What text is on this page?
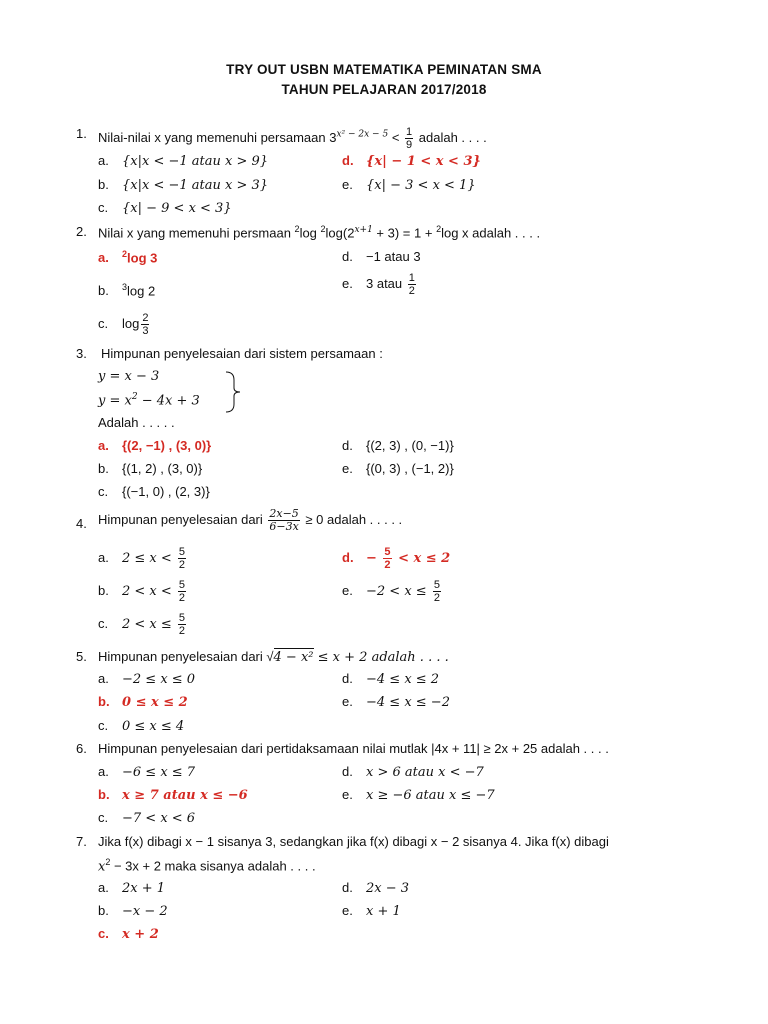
TRY OUT USBN MATEMATIKA PEMINATAN SMA
TAHUN PELAJARAN 2017/2018
1. Nilai-nilai x yang memenuhi persamaan $3^{x^2 - 2x - 5} < \frac{1}{9}$ adalah . . . .
a. {x|x < −1 atau x > 9}	d. {x| − 1 < x < 3}
b. {x|x < −1 atau x > 3}	e. {x| − 3 < x < 1}
c. {x| − 9 < x < 3}
2. Nilai x yang memenuhi persmaan $^2$log $^2\log(2^{x+1} + 3) = 1 + ^2\log$ x adalah . . . .
a. $^2$log 3	d. −1 atau 3
b. $^3$log 2	e. 3 atau $\frac{1}{2}$
c. $\log \frac{2}{3}$
3. Himpunan penyelesaian dari sistem persamaan :
y = x − 3
$y = x^2 - 4x + 3$
Adalah . . . . .
a. {(2, −1) , (3, 0)}	d. {(2, 3) , (0, −1)}
b. {(1, 2) , (3, 0)}	e. {(0, 3) , (−1, 2)}
c. {(−1, 0) , (2, 3)}
4. Himpunan penyelesaian dari $\frac{2x-5}{6-3x} \ge 0$ adalah . . . . .
a. $2 \le x < \frac{5}{2}$	d. − $\frac{5}{2} < x \le 2$
b. $2 < x < \frac{5}{2}$	e. $-2 < x \le \frac{5}{2}$
c. $2 < x \le \frac{5}{2}$
5. Himpunan penyelesaian dari √4 − x² ≤ x + 2 adalah . . . .
a. −2 ≤ x ≤ 0	d. −4 ≤ x ≤ 2
b. 0 ≤ x ≤ 2	e. −4 ≤ x ≤ −2
c. 0 ≤ x ≤ 4
6. Himpunan penyelesaian dari pertidaksamaan nilai mutlak |4x + 11| ≥ 2x + 25 adalah . . . .
a. −6 ≤ x ≤ 7	d. x > 6 atau x < −7
b. x ≥ 7 atau x ≤ −6	e. x ≥ −6 atau x ≤ −7
c. −7 < x < 6
7. Jika f(x) dibagi x − 1 sisanya 3, sedangkan jika f(x) dibagi x − 2 sisanya 4. Jika f(x) dibagi
$x^2 - 3x + 2$ maka sisanya adalah . . . .
a. 2x + 1	d. 2x − 3
b. −x − 2	e. x + 1
c. x + 2
